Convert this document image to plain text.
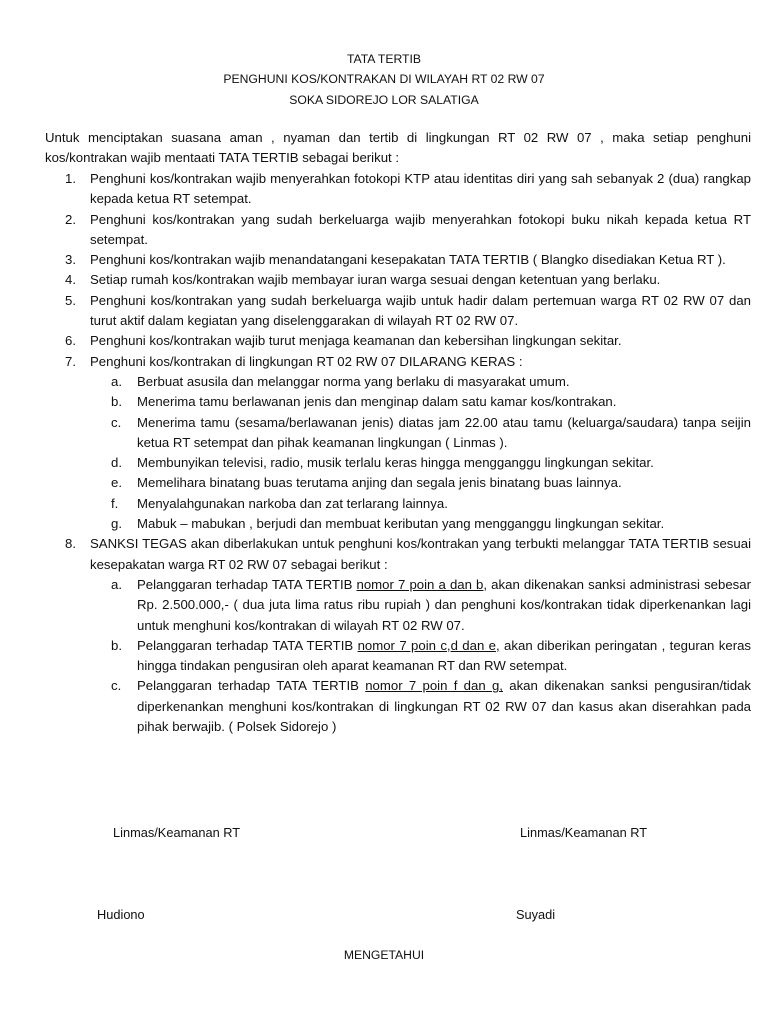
TATA TERTIB
PENGHUNI KOS/KONTRAKAN DI WILAYAH RT 02 RW 07
SOKA SIDOREJO LOR SALATIGA
Untuk menciptakan suasana aman , nyaman dan tertib di lingkungan RT 02 RW 07 , maka setiap penghuni kos/kontrakan wajib mentaati TATA TERTIB sebagai berikut :
1. Penghuni kos/kontrakan wajib menyerahkan fotokopi KTP atau identitas diri yang sah sebanyak 2 (dua) rangkap kepada ketua RT setempat.
2. Penghuni kos/kontrakan yang sudah berkeluarga wajib menyerahkan fotokopi buku nikah kepada ketua RT setempat.
3. Penghuni kos/kontrakan wajib menandatangani kesepakatan TATA TERTIB ( Blangko disediakan Ketua RT ).
4. Setiap rumah kos/kontrakan wajib membayar iuran warga sesuai dengan ketentuan yang berlaku.
5. Penghuni kos/kontrakan yang sudah berkeluarga wajib untuk hadir dalam pertemuan warga RT 02 RW 07 dan turut aktif dalam kegiatan yang diselenggarakan di wilayah RT 02 RW 07.
6. Penghuni kos/kontrakan wajib turut menjaga keamanan dan kebersihan lingkungan sekitar.
7. Penghuni kos/kontrakan di lingkungan RT 02 RW 07 DILARANG KERAS :
a. Berbuat asusila dan melanggar norma yang berlaku di masyarakat umum.
b. Menerima tamu berlawanan jenis dan menginap dalam satu kamar kos/kontrakan.
c. Menerima tamu (sesama/berlawanan jenis) diatas jam 22.00 atau tamu (keluarga/saudara) tanpa seijin ketua RT setempat dan pihak keamanan lingkungan ( Linmas ).
d. Membunyikan televisi, radio, musik terlalu keras hingga mengganggu lingkungan sekitar.
e. Memelihara binatang buas terutama anjing dan segala jenis binatang buas lainnya.
f. Menyalahgunakan narkoba dan zat terlarang lainnya.
g. Mabuk – mabukan , berjudi dan membuat keributan yang mengganggu lingkungan sekitar.
8. SANKSI TEGAS akan diberlakukan untuk penghuni kos/kontrakan yang terbukti melanggar TATA TERTIB sesuai kesepakatan warga RT 02 RW 07 sebagai berikut :
a. Pelanggaran terhadap TATA TERTIB nomor 7 poin a dan b, akan dikenakan sanksi administrasi sebesar Rp. 2.500.000,- ( dua juta lima ratus ribu rupiah ) dan penghuni kos/kontrakan tidak diperkenankan lagi untuk menghuni kos/kontrakan di wilayah RT 02 RW 07.
b. Pelanggaran terhadap TATA TERTIB nomor 7 poin c,d dan e, akan diberikan peringatan , teguran keras hingga tindakan pengusiran oleh aparat keamanan RT dan RW setempat.
c. Pelanggaran terhadap TATA TERTIB nomor 7 poin f dan g, akan dikenakan sanksi pengusiran/tidak diperkenankan menghuni kos/kontrakan di lingkungan RT 02 RW 07 dan kasus akan diserahkan pada pihak berwajib. ( Polsek Sidorejo )
Linmas/Keamanan RT	Linmas/Keamanan RT
Hudiono	Suyadi
MENGETAHUI
